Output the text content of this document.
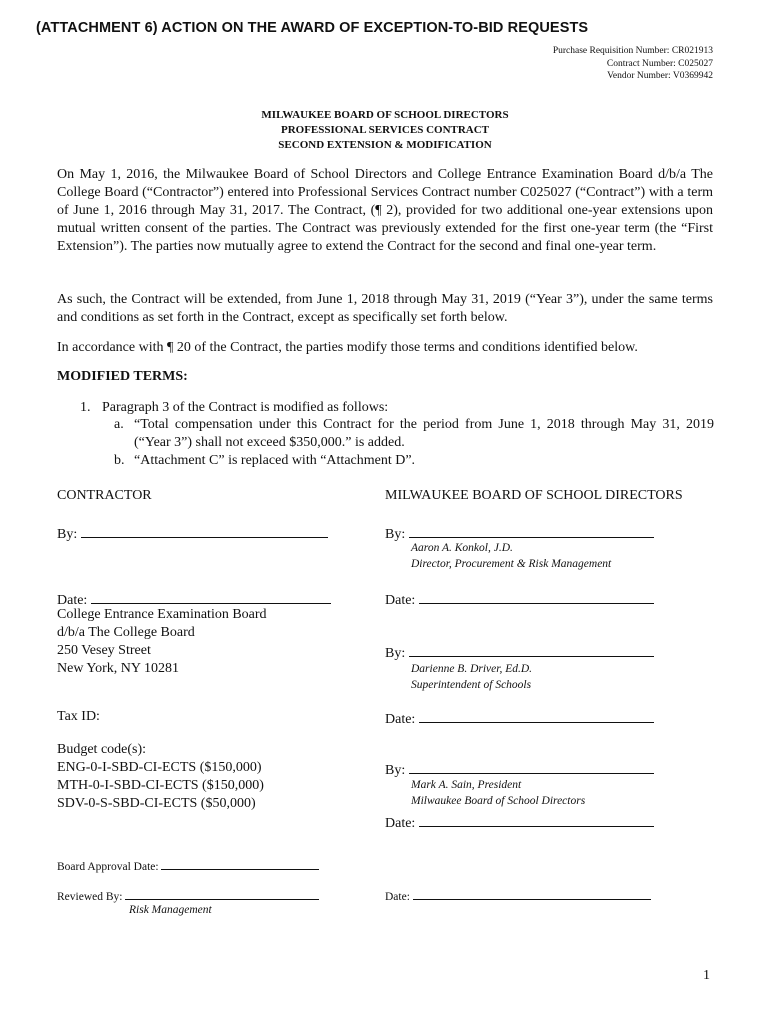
(ATTACHMENT 6) ACTION ON THE AWARD OF EXCEPTION-TO-BID REQUESTS
Purchase Requisition Number: CR021913
Contract Number: C025027
Vendor Number: V0369942
MILWAUKEE BOARD OF SCHOOL DIRECTORS
PROFESSIONAL SERVICES CONTRACT
SECOND EXTENSION & MODIFICATION
On May 1, 2016, the Milwaukee Board of School Directors and College Entrance Examination Board d/b/a The College Board (“Contractor”) entered into Professional Services Contract number C025027 (“Contract”) with a term of June 1, 2016 through May 31, 2017. The Contract, (¶ 2), provided for two additional one-year extensions upon mutual written consent of the parties. The Contract was previously extended for the first one-year term (the “First Extension”). The parties now mutually agree to extend the Contract for the second and final one-year term.
As such, the Contract will be extended, from June 1, 2018 through May 31, 2019 (“Year 3”), under the same terms and conditions as set forth in the Contract, except as specifically set forth below.
In accordance with ¶ 20 of the Contract, the parties modify those terms and conditions identified below.
MODIFIED TERMS:
1. Paragraph 3 of the Contract is modified as follows:
a. “Total compensation under this Contract for the period from June 1, 2018 through May 31, 2019 (“Year 3”) shall not exceed $350,000.” is added.
b. “Attachment C” is replaced with “Attachment D”.
CONTRACTOR
By:
Date:
College Entrance Examination Board
d/b/a The College Board
250 Vesey Street
New York, NY 10281
Tax ID:
Budget code(s):
ENG-0-I-SBD-CI-ECTS ($150,000)
MTH-0-I-SBD-CI-ECTS ($150,000)
SDV-0-S-SBD-CI-ECTS ($50,000)
MILWAUKEE BOARD OF SCHOOL DIRECTORS
By:
Aaron A. Konkol, J.D.
Director, Procurement & Risk Management
Date:
By:
Darienne B. Driver, Ed.D.
Superintendent of Schools
Date:
By:
Mark A. Sain, President
Milwaukee Board of School Directors
Date:
Board Approval Date:
Reviewed By:
Risk Management
Date:
1
